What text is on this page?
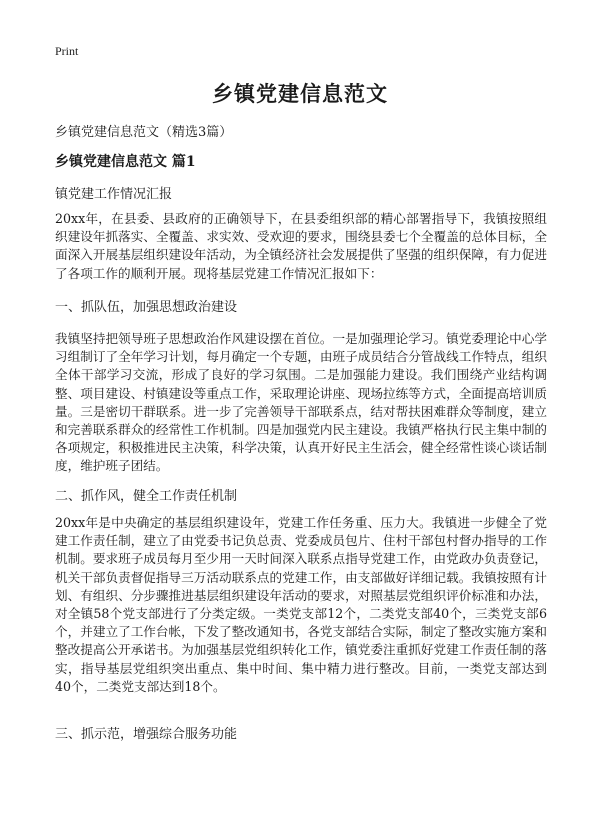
Print
乡镇党建信息范文

乡镇党建信息范文（精选3篇）

乡镇党建信息范文 篇1

镇党建工作情况汇报

20xx年，在县委、县政府的正确领导下，在县委组织部的精心部署指导下，我镇按照组织建设年抓落实、全覆盖、求实效、受欢迎的要求，围绕县委七个全覆盖的总体目标，全面深入开展基层组织建设年活动，为全镇经济社会发展提供了坚强的组织保障，有力促进了各项工作的顺利开展。现将基层党建工作情况汇报如下：

一、抓队伍，加强思想政治建设

我镇坚持把领导班子思想政治作风建设摆在首位。一是加强理论学习。镇党委理论中心学习组制订了全年学习计划，每月确定一个专题，由班子成员结合分管战线工作特点，组织全体干部学习交流，形成了良好的学习氛围。二是加强能力建设。我们围绕产业结构调整、项目建设、村镇建设等重点工作，采取理论讲座、现场拉练等方式，全面提高培训质量。三是密切干群联系。进一步了完善领导干部联系点，结对帮扶困难群众等制度，建立和完善联系群众的经常性工作机制。四是加强党内民主建设。我镇严格执行民主集中制的各项规定，积极推进民主决策，科学决策，认真开好民主生活会，健全经常性谈心谈话制度，维护班子团结。

二、抓作风，健全工作责任机制

20xx年是中央确定的基层组织建设年，党建工作任务重、压力大。我镇进一步健全了党建工作责任制，建立了由党委书记负总责、党委成员包片、住村干部包村督办指导的工作机制。要求班子成员每月至少用一天时间深入联系点指导党建工作，由党政办负责登记，机关干部负责督促指导三万活动联系点的党建工作，由支部做好详细记载。我镇按照有计划、有组织、分步骤推进基层组织建设年活动的要求，对照基层党组织评价标准和办法，对全镇58个党支部进行了分类定级。一类党支部12个，二类党支部40个，三类党支部6个，并建立了工作台帐，下发了整改通知书，各党支部结合实际，制定了整改实施方案和整改提高公开承诺书。为加强基层党组织转化工作，镇党委注重抓好党建工作责任制的落实，指导基层党组织突出重点、集中时间、集中精力进行整改。目前，一类党支部达到40个，二类党支部达到18个。

三、抓示范，增强综合服务功能
